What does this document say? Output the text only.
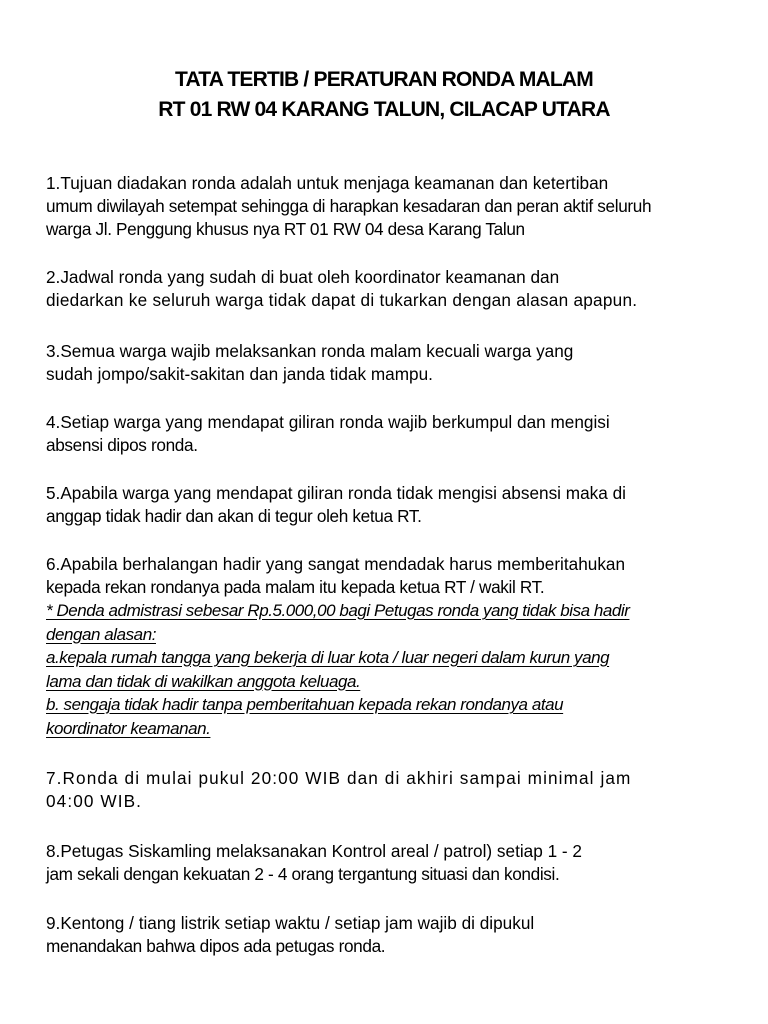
TATA TERTIB / PERATURAN RONDA MALAM
RT 01 RW 04 KARANG TALUN, CILACAP UTARA
1.Tujuan diadakan ronda adalah untuk menjaga keamanan dan ketertiban
umum diwilayah setempat sehingga di harapkan kesadaran dan peran aktif seluruh
warga Jl. Penggung khusus nya RT 01 RW 04 desa Karang Talun
2.Jadwal ronda yang sudah di buat oleh koordinator keamanan dan
diedarkan ke seluruh warga tidak dapat di tukarkan dengan alasan apapun.
3.Semua warga wajib melaksankan ronda malam kecuali warga yang
sudah jompo/sakit-sakitan dan janda tidak mampu.
4.Setiap warga yang mendapat giliran ronda wajib berkumpul dan mengisi
absensi dipos ronda.
5.Apabila warga yang mendapat giliran ronda tidak mengisi absensi maka di
anggap tidak hadir dan akan di tegur oleh ketua RT.
6.Apabila berhalangan hadir yang sangat mendadak harus memberitahukan
kepada rekan rondanya pada malam itu kepada ketua RT / wakil RT.
* Denda admistrasi sebesar Rp.5.000,00 bagi Petugas ronda yang tidak bisa hadir
dengan alasan:
a.kepala rumah tangga yang bekerja di luar kota / luar negeri dalam kurun yang
lama dan tidak di wakilkan anggota keluaga.
b. sengaja tidak hadir tanpa pemberitahuan kepada rekan rondanya atau
koordinator keamanan.
7.Ronda di mulai pukul 20:00 WIB dan di akhiri sampai minimal jam
04:00 WIB.
8.Petugas Siskamling melaksanakan Kontrol areal / patrol) setiap 1 - 2
jam sekali dengan kekuatan 2 - 4 orang tergantung situasi dan kondisi.
9.Kentong / tiang listrik setiap waktu / setiap jam wajib di dipukul
menandakan bahwa dipos ada petugas ronda.
